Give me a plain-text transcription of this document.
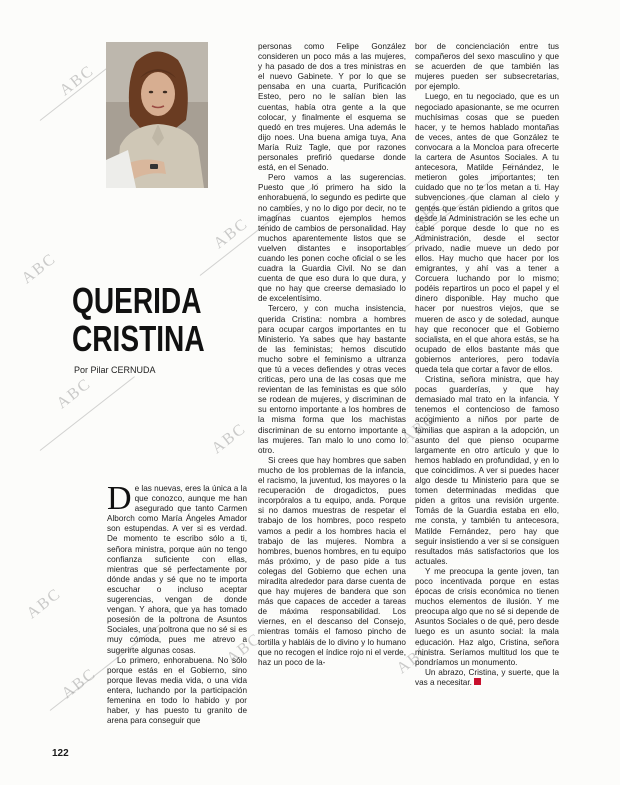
ABC
ABC
ABC
ABC
ABC
ABC	ABC
ABC
ABC
ABC	ABC
QUERIDA
CRISTINA
Por Pilar CERNUDA

De las nuevas, eres la única a la que conozco, aunque me han asegurado que tanto Carmen Alborch como María Ángeles Amador son estupendas. A ver si es verdad. De momento te escribo sólo a ti, señora ministra, porque aún no tengo confianza suficiente con ellas, mientras que sé perfectamente por dónde andas y sé que no te importa escuchar o incluso aceptar sugerencias, vengan de donde vengan. Y ahora, que ya has tomado posesión de la poltrona de Asuntos Sociales, una poltrona que no sé si es muy cómoda, pues me atrevo a sugerirte algunas cosas.

Lo primero, enhorabuena. No sólo porque estás en el Gobierno, sino porque llevas media vida, o una vida entera, luchando por la participación femenina en todo lo habido y por haber, y has puesto tu granito de arena para conseguir que

personas como Felipe González consideren un poco más a las mujeres, y ha pasado de dos a tres ministras en el nuevo Gabinete. Y por lo que se pensaba en una cuarta, Purificación Esteo, pero no le salían bien las cuentas, había otra gente a la que colocar, y finalmente el esquema se quedó en tres mujeres. Una además le dijo noes. Una buena amiga tuya, Ana María Ruiz Tagle, que por razones personales prefirió quedarse donde está, en el Senado.

Pero vamos a las sugerencias. Puesto que lo primero ha sido la enhorabuena, lo segundo es pedirte que no cambies, y no lo digo por decir, no te imaginas cuantos ejemplos hemos tenido de cambios de personalidad. Hay muchos aparentemente listos que se vuelven distantes e insoportables cuando les ponen coche oficial o se les cuadra la Guardia Civil. No se dan cuenta de que eso dura lo que dura, y que no hay que creerse demasiado lo de excelentísimo.

Tercero, y con mucha insistencia, querida Cristina: nombra a hombres para ocupar cargos importantes en tu Ministerio. Ya sabes que hay bastante de las feministas; hemos discutido mucho sobre el feminismo a ultranza que tú a veces defiendes y otras veces criticas, pero una de las cosas que me revientan de las feministas es que sólo se rodean de mujeres, y discriminan de su entorno importante a los hombres de la misma forma que los machistas discriminan de su entorno importante a las mujeres. Tan malo lo uno como lo otro.

Si crees que hay hombres que saben mucho de los problemas de la infancia, el racismo, la juventud, los mayores o la recuperación de drogadictos, pues incorpóralos a tu equipo, anda. Porque si no damos muestras de respetar el trabajo de los hombres, poco respeto vamos a pedir a los hombres hacia el trabajo de las mujeres. Nombra a hombres, buenos hombres, en tu equipo más próximo, y de paso pide a tus colegas del Gobierno que echen una miradita alrededor para darse cuenta de que hay mujeres de bandera que son más que capaces de acceder a tareas de máxima responsabilidad. Los viernes, en el descanso del Consejo, mientras tomáis el famoso pincho de tortilla y habláis de lo divino y lo humano que no recogen el índice rojo ni el verde, haz un poco de la-

bor de concienciación entre tus compañeros del sexo masculino y que se acuerden de que también las mujeres pueden ser subsecretarias, por ejemplo.

Luego, en tu negociado, que es un negociado apasionante, se me ocurren muchísimas cosas que se pueden hacer, y te hemos hablado montañas de veces, antes de que González te convocara a la Moncloa para ofrecerte la cartera de Asuntos Sociales. A tu antecesora, Matilde Fernández, le metieron goles importantes; ten cuidado que no te los metan a ti. Hay subvenciones que claman al cielo y gentes que están pidiendo a gritos que desde la Administración se les eche un cable porque desde lo que no es Administración, desde el sector privado, nadie mueve un dedo por ellos. Hay mucho que hacer por los emigrantes, y ahí vas a tener a Corcuera luchando por lo mismo; podéis repartiros un poco el papel y el dinero disponible. Hay mucho que hacer por nuestros viejos, que se mueren de asco y de soledad, aunque hay que reconocer que el Gobierno socialista, en el que ahora estás, se ha ocupado de ellos bastante más que gobiernos anteriores, pero todavía queda tela que cortar a favor de ellos.

Cristina, señora ministra, que hay pocas guarderías, y que hay demasiado mal trato en la infancia. Y tenemos el contencioso de famoso acogimiento a niños por parte de familias que aspiran a la adopción, un asunto del que pienso ocuparme largamente en otro artículo y que lo hemos hablado en profundidad, y en lo que coincidimos. A ver si puedes hacer algo desde tu Ministerio para que se tomen determinadas medidas que piden a gritos una revisión urgente. Tomás de la Guardia estaba en ello, me consta, y también tu antecesora, Matilde Fernández, pero hay que seguir insistiendo a ver si se consiguen resultados más satisfactorios que los actuales.

Y me preocupa la gente joven, tan poco incentivada porque en estas épocas de crisis económica no tienen muchos elementos de ilusión. Y me preocupa algo que no sé si depende de Asuntos Sociales o de qué, pero desde luego es un asunto social: la mala educación. Haz algo, Cristina, señora ministra. Seríamos multitud los que te pondríamos un monumento.

Un abrazo, Cristina, y suerte, que la vas a necesitar.

122
